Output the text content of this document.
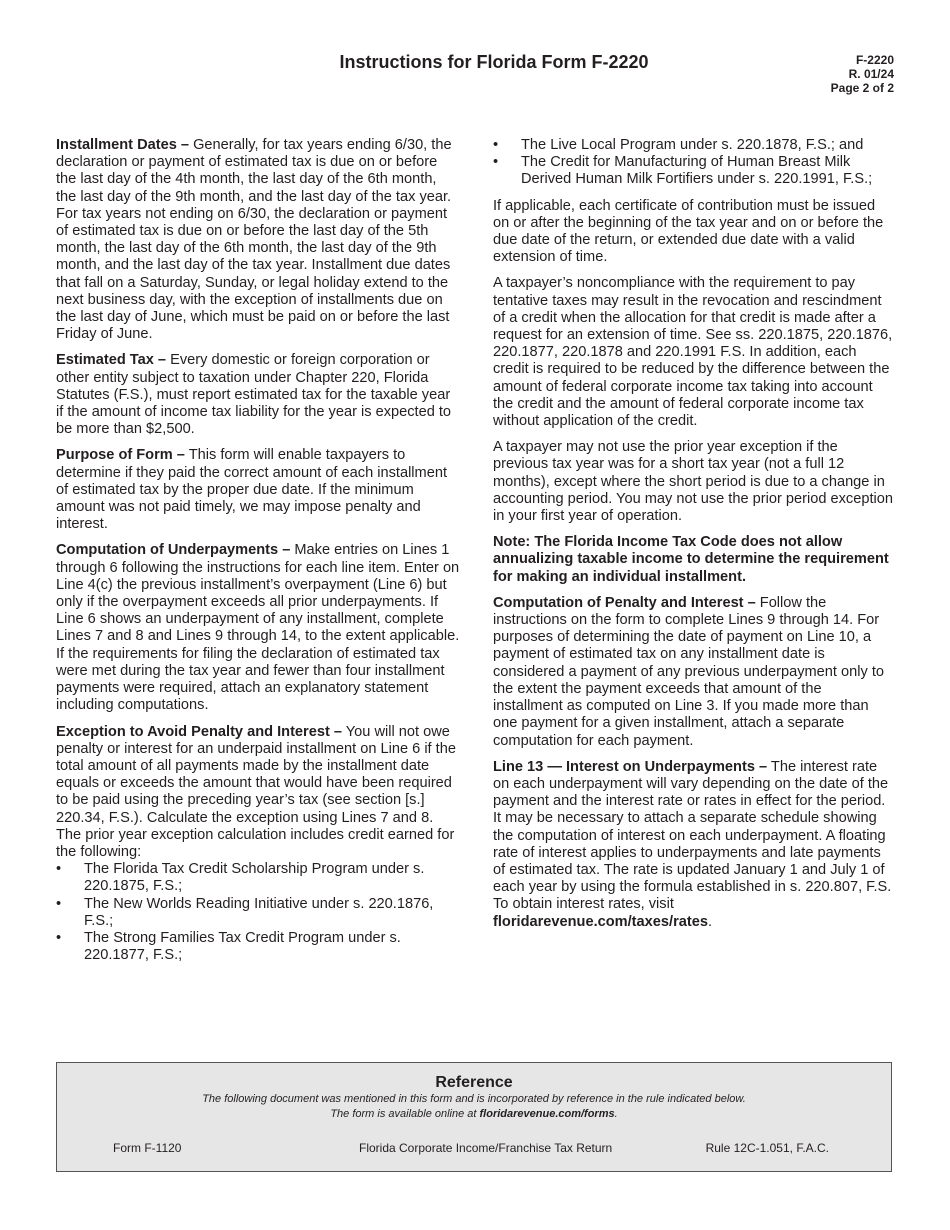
Instructions for Florida Form F-2220	F-2220
R. 01/24
Page 2 of 2

Installment Dates – Generally, for tax years ending 6/30, the declaration or payment of estimated tax is due on or before the last day of the 4th month, the last day of the 6th month, the last day of the 9th month, and the last day of the tax year. For tax years not ending on 6/30, the declaration or payment of estimated tax is due on or before the last day of the 5th month, the last day of the 6th month, the last day of the 9th month, and the last day of the tax year. Installment due dates that fall on a Saturday, Sunday, or legal holiday extend to the next business day, with the exception of installments due on the last day of June, which must be paid on or before the last Friday of June.

Estimated Tax – Every domestic or foreign corporation or other entity subject to taxation under Chapter 220, Florida Statutes (F.S.), must report estimated tax for the taxable year if the amount of income tax liability for the year is expected to be more than $2,500.

Purpose of Form – This form will enable taxpayers to determine if they paid the correct amount of each installment of estimated tax by the proper due date. If the minimum amount was not paid timely, we may impose penalty and interest.

Computation of Underpayments – Make entries on Lines 1 through 6 following the instructions for each line item. Enter on Line 4(c) the previous installment’s overpayment (Line 6) but only if the overpayment exceeds all prior underpayments. If Line 6 shows an underpayment of any installment, complete Lines 7 and 8 and Lines 9 through 14, to the extent applicable. If the requirements for filing the declaration of estimated tax were met during the tax year and fewer than four installment payments were required, attach an explanatory statement including computations.

Exception to Avoid Penalty and Interest – You will not owe penalty or interest for an underpaid installment on Line 6 if the total amount of all payments made by the installment date equals or exceeds the amount that would have been required to be paid using the preceding year’s tax (see section [s.] 220.34, F.S.). Calculate the exception using Lines 7 and 8. The prior year exception calculation includes credit earned for the following:

• The Florida Tax Credit Scholarship Program under s. 220.1875, F.S.;
• The New Worlds Reading Initiative under s. 220.1876, F.S.;
• The Strong Families Tax Credit Program under s. 220.1877, F.S.;
• The Live Local Program under s. 220.1878, F.S.; and
• The Credit for Manufacturing of Human Breast Milk Derived Human Milk Fortifiers under s. 220.1991, F.S.;

If applicable, each certificate of contribution must be issued on or after the beginning of the tax year and on or before the due date of the return, or extended due date with a valid extension of time.

A taxpayer’s noncompliance with the requirement to pay tentative taxes may result in the revocation and rescindment of a credit when the allocation for that credit is made after a request for an extension of time. See ss. 220.1875, 220.1876, 220.1877, 220.1878 and 220.1991 F.S. In addition, each credit is required to be reduced by the difference between the amount of federal corporate income tax taking into account the credit and the amount of federal corporate income tax without application of the credit.

A taxpayer may not use the prior year exception if the previous tax year was for a short tax year (not a full 12 months), except where the short period is due to a change in accounting period. You may not use the prior period exception in your first year of operation.

Note: The Florida Income Tax Code does not allow annualizing taxable income to determine the requirement for making an individual installment.

Computation of Penalty and Interest – Follow the instructions on the form to complete Lines 9 through 14. For purposes of determining the date of payment on Line 10, a payment of estimated tax on any installment date is considered a payment of any previous underpayment only to the extent the payment exceeds that amount of the installment as computed on Line 3. If you made more than one payment for a given installment, attach a separate computation for each payment.

Line 13 — Interest on Underpayments – The interest rate on each underpayment will vary depending on the date of the payment and the interest rate or rates in effect for the period. It may be necessary to attach a separate schedule showing the computation of interest on each underpayment. A floating rate of interest applies to underpayments and late payments of estimated tax. The rate is updated January 1 and July 1 of each year by using the formula established in s. 220.807, F.S. To obtain interest rates, visit floridarevenue.com/taxes/rates.

Reference
The following document was mentioned in this form and is incorporated by reference in the rule indicated below.
The form is available online at floridarevenue.com/forms.
Form F-1120	Florida Corporate Income/Franchise Tax Return	Rule 12C-1.051, F.A.C.
